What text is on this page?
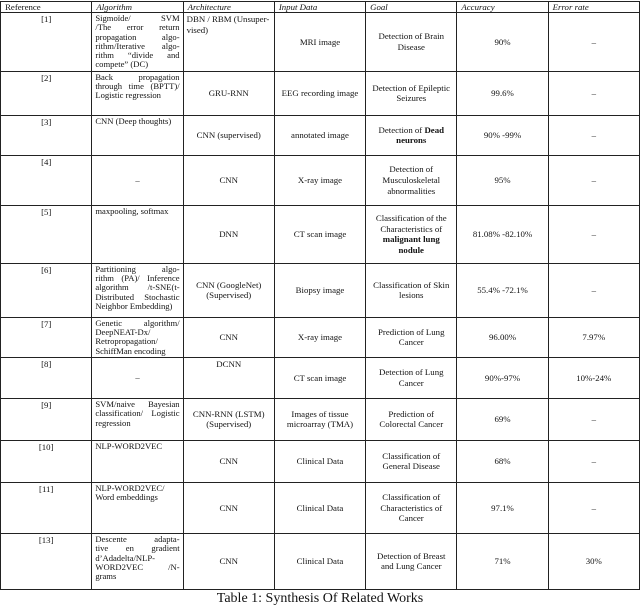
Reference	Algorithm	Architecture	Input Data	Goal	Accuracy	Error rate
[1]	Sigmoïde/ SVM
/The error return
propagation algo-
rithm/Iterative algo-
rithm “divide and
compete” (DC)
	DBN / RBM (Unsuper-
vised)	MRI image	Detection of Brain
Disease	90%	–
[2]	Back propagation
through time (BPTT)/
Logistic regression	GRU-RNN	EEG recording image	Detection of Epileptic
Seizures	99.6%	–
[3]	CNN (Deep thoughts)	CNN (supervised)	annotated image	Detection of Dead
neurons	90% -99%	–
[4]	–	CNN	X-ray image	Detection of
Musculoskeletal
abnormalities	95%	–
[5]	maxpooling, softmax	DNN	CT scan image	Classification of the
Characteristics of
malignant lung
nodule	81.08% -82.10%	–
[6]	Partitioning algo-
rithm (PA)/ Inference
algorithm /t-SNE(t-
Distributed Stochastic
Neighbor Embedding)
	CNN (GoogleNet)
(Supervised)	Biopsy image	Classification of Skin
lesions	55.4% -72.1%	–
[7]	Genetic algorithm/
DeepNEAT-Dx/
Retropropagation/
SchiffMan encoding
	CNN	X-ray image	Prediction of Lung
Cancer	96.00%	7.97%
[8]	–	DCNN	CT scan image	Detection of Lung
Cancer	90%-97%	10%-24%
[9]	SVM/naive Bayesian
classification/ Logistic
regression
	CNN-RNN (LSTM)
(Supervised)	Images of tissue
microarray (TMA)	Prediction of
Colorectal Cancer	69%	–
[10]	NLP-WORD2VEC	CNN	Clinical Data	Classification of
General Disease	68%	–
[11]	NLP-WORD2VEC/
Word embeddings
	CNN	Clinical Data	Classification of
Characteristics of
Cancer	97.1%	–
[13]	Descente adapta-
tive en gradient
d’Adadelta/NLP-
WORD2VEC /N-
grams
	CNN	Clinical Data	Detection of Breast
and Lung Cancer	71%	30%
Table 1: Synthesis Of Related Works
